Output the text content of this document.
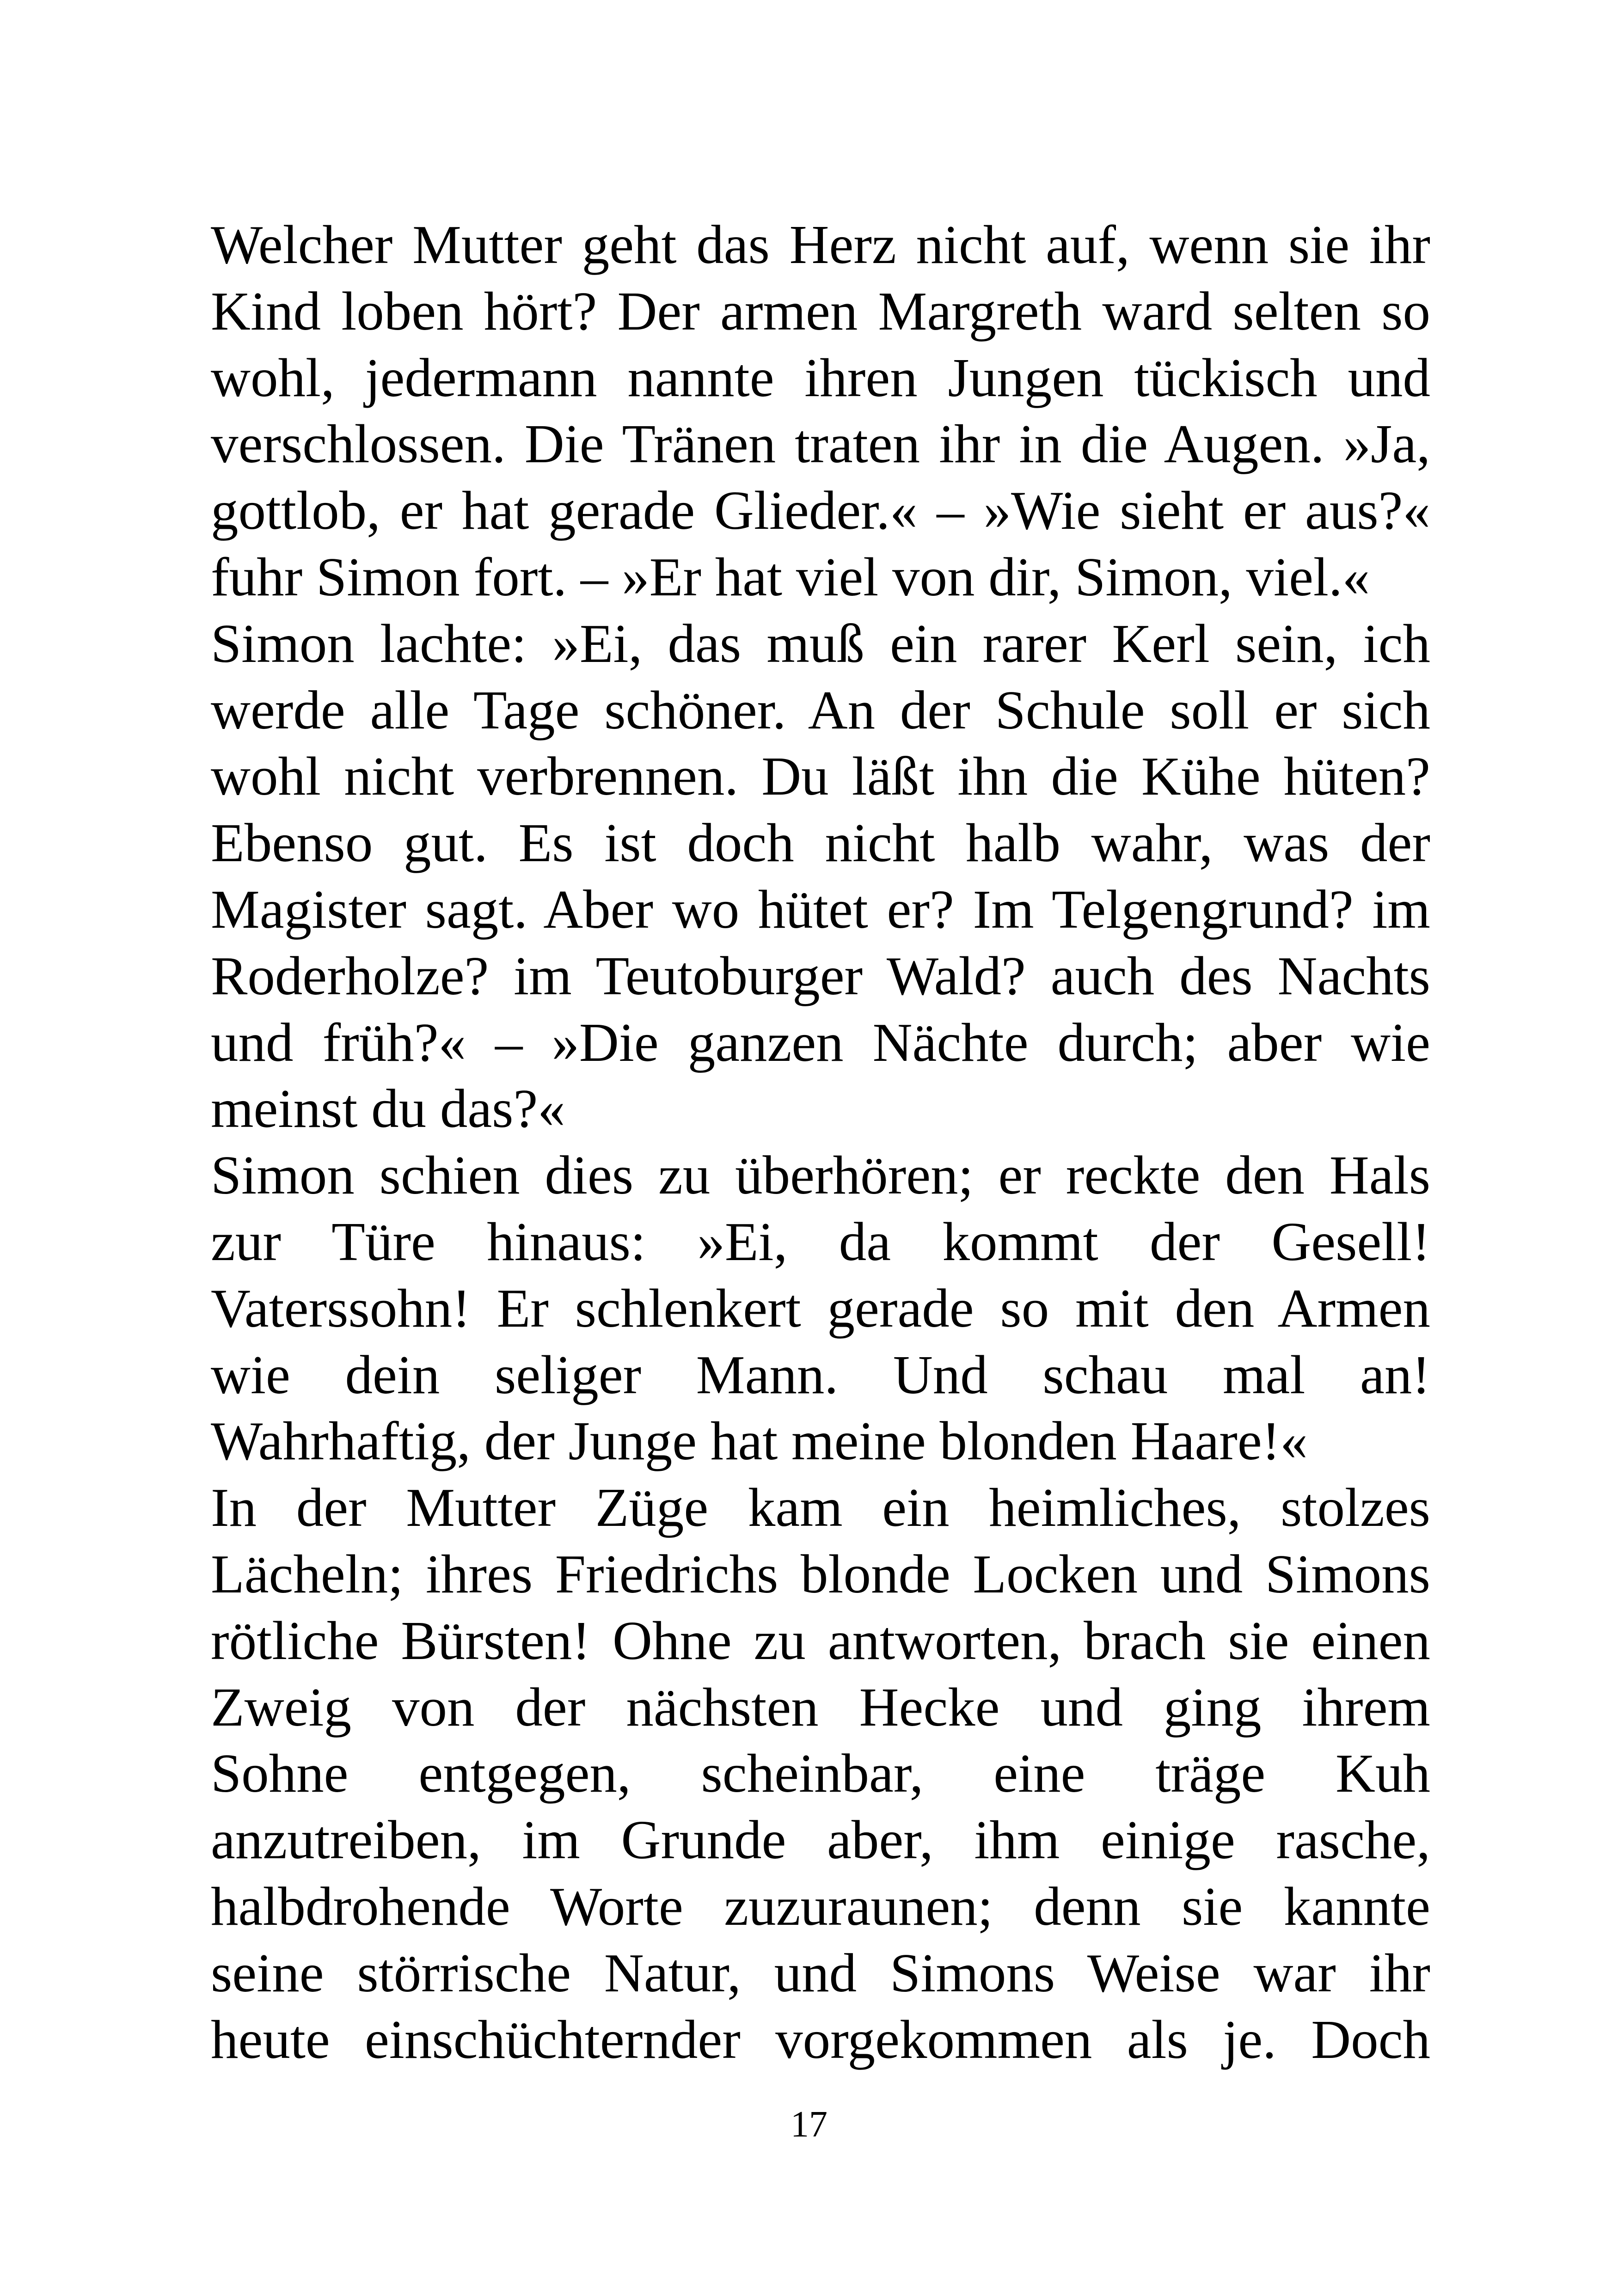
Welcher Mutter geht das Herz nicht auf, wenn sie ihr
Kind loben hört? Der armen Margreth ward selten so
wohl, jedermann nannte ihren Jungen tückisch und
verschlossen. Die Tränen traten ihr in die Augen. »Ja,
gottlob, er hat gerade Glieder.« – »Wie sieht er aus?«
fuhr Simon fort. – »Er hat viel von dir, Simon, viel.«
Simon lachte: »Ei, das muß ein rarer Kerl sein, ich
werde alle Tage schöner. An der Schule soll er sich
wohl nicht verbrennen. Du läßt ihn die Kühe hüten?
Ebenso gut. Es ist doch nicht halb wahr, was der
Magister sagt. Aber wo hütet er? Im Telgengrund? im
Roderholze? im Teutoburger Wald? auch des Nachts
und früh?« – »Die ganzen Nächte durch; aber wie
meinst du das?«
Simon schien dies zu überhören; er reckte den Hals
zur Türe hinaus: »Ei, da kommt der Gesell!
Vaterssohn! Er schlenkert gerade so mit den Armen
wie dein seliger Mann. Und schau mal an!
Wahrhaftig, der Junge hat meine blonden Haare!«
In der Mutter Züge kam ein heimliches, stolzes
Lächeln; ihres Friedrichs blonde Locken und Simons
rötliche Bürsten! Ohne zu antworten, brach sie einen
Zweig von der nächsten Hecke und ging ihrem
Sohne entgegen, scheinbar, eine träge Kuh
anzutreiben, im Grunde aber, ihm einige rasche,
halbdrohende Worte zuzuraunen; denn sie kannte
seine störrische Natur, und Simons Weise war ihr
heute einschüchternder vorgekommen als je. Doch
17
